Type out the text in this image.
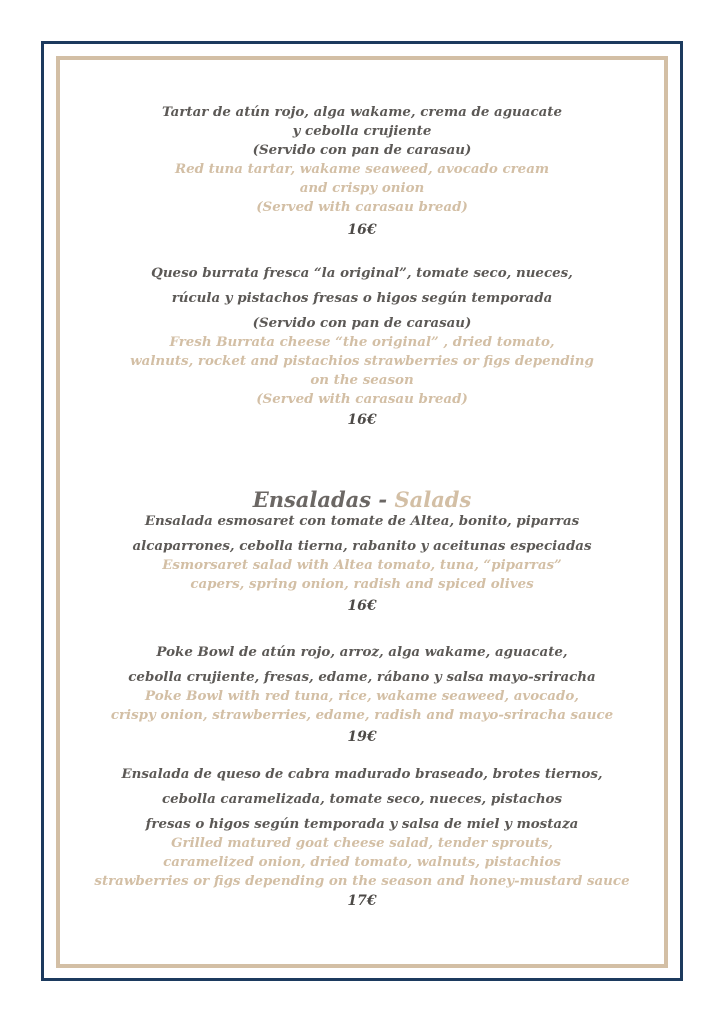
Tartar de atún rojo, alga wakame, crema de aguacate
y cebolla crujiente
(Servido con pan de carasau)
Red tuna tartar, wakame seaweed, avocado cream
and crispy onion
(Served with carasau bread)
16€
Queso burrata fresca “la original”, tomate seco, nueces,
rúcula y pistachos fresas o higos según temporada
(Servido con pan de carasau)
Fresh Burrata cheese “the original” , dried tomato,
walnuts, rocket and pistachios strawberries or figs depending
on the season
(Served with carasau bread)
16€
Ensaladas - Salads
Ensalada esmosaret con tomate de Altea, bonito, piparras
alcaparrones, cebolla tierna, rabanito y aceitunas especiadas
Esmorsaret salad with Altea tomato, tuna, “piparras”
capers, spring onion, radish and spiced olives
16€
Poke Bowl de atún rojo, arroz, alga wakame, aguacate,
cebolla crujiente, fresas, edame, rábano y salsa mayo-sriracha
Poke Bowl with red tuna, rice, wakame seaweed, avocado,
crispy onion, strawberries, edame, radish and mayo-sriracha sauce
19€
Ensalada de queso de cabra madurado braseado, brotes tiernos,
cebolla caramelizada, tomate seco, nueces, pistachos
fresas o higos según temporada y salsa de miel y mostaza
Grilled matured goat cheese salad, tender sprouts,
caramelized onion, dried tomato, walnuts, pistachios
strawberries or figs depending on the season and honey-mustard sauce
17€
